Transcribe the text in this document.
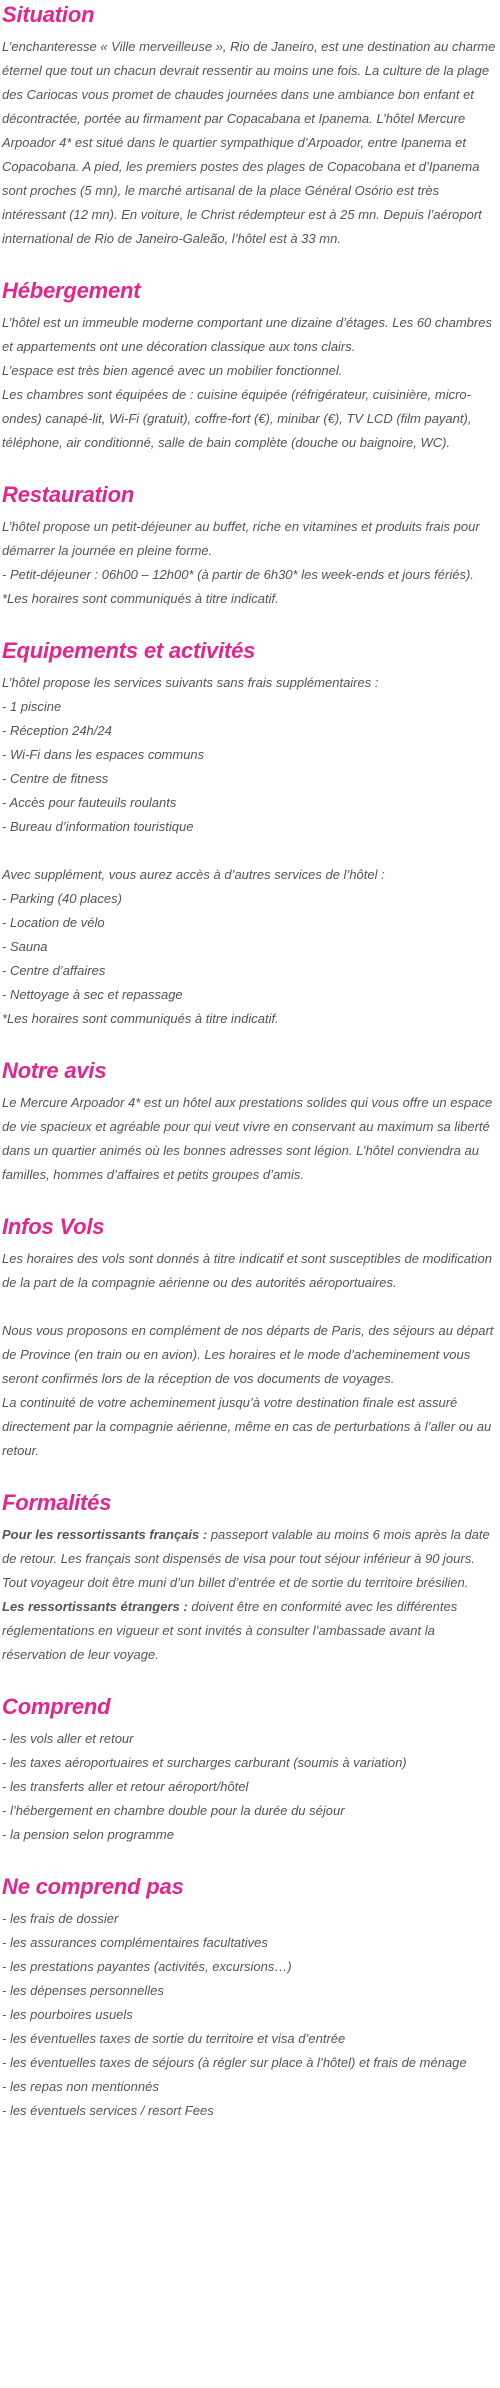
Situation

L’enchanteresse « Ville merveilleuse », Rio de Janeiro, est une destination au charme éternel que tout un chacun devrait ressentir au moins une fois. La culture de la plage des Cariocas vous promet de chaudes journées dans une ambiance bon enfant et décontractée, portée au firmament par Copacabana et Ipanema. L’hôtel Mercure Arpoador 4* est situé dans le quartier sympathique d’Arpoador, entre Ipanema et Copacobana. A pied, les premiers postes des plages de Copacobana et d’Ipanema sont proches (5 mn), le marché artisanal de la place Général Osório est très intéressant (12 mn). En voiture, le Christ rédempteur est à 25 mn. Depuis l’aéroport international de Rio de Janeiro-Galeão, l’hôtel est à 33 mn.

Hébergement

L’hôtel est un immeuble moderne comportant une dizaine d’étages. Les 60 chambres et appartements ont une décoration classique aux tons clairs.

L’espace est très bien agencé avec un mobilier fonctionnel.

Les chambres sont équipées de : cuisine équipée (réfrigérateur, cuisinière, micro-ondes) canapé-lit, Wi-Fi (gratuit), coffre-fort (€), minibar (€), TV LCD (film payant), téléphone, air conditionné, salle de bain complète (douche ou baignoire, WC).

Restauration

L’hôtel propose un petit-déjeuner au buffet, riche en vitamines et produits frais pour démarrer la journée en pleine forme.

- Petit-déjeuner : 06h00 – 12h00* (à partir de 6h30* les week-ends et jours fériés).

*Les horaires sont communiqués à titre indicatif.

Equipements et activités

L’hôtel propose les services suivants sans frais supplémentaires :

- 1 piscine

- Réception 24h/24

- Wi-Fi dans les espaces communs

- Centre de fitness

- Accès pour fauteuils roulants

- Bureau d’information touristique

Avec supplément, vous aurez accès à d’autres services de l’hôtel :

- Parking (40 places)

- Location de vélo

- Sauna

- Centre d’affaires

- Nettoyage à sec et repassage

*Les horaires sont communiqués à titre indicatif.

Notre avis

Le Mercure Arpoador 4* est un hôtel aux prestations solides qui vous offre un espace de vie spacieux et agréable pour qui veut vivre en conservant au maximum sa liberté dans un quartier animés où les bonnes adresses sont légion. L’hôtel conviendra au familles, hommes d’affaires et petits groupes d’amis.

Infos Vols

Les horaires des vols sont donnés à titre indicatif et sont susceptibles de modification de la part de la compagnie aérienne ou des autorités aéroportuaires.

Nous vous proposons en complément de nos départs de Paris, des séjours au départ de Province (en train ou en avion). Les horaires et le mode d’acheminement vous seront confirmés lors de la réception de vos documents de voyages.

La continuité de votre acheminement jusqu’à votre destination finale est assuré directement par la compagnie aérienne, même en cas de perturbations à l’aller ou au retour.

Formalités

Pour les ressortissants français : passeport valable au moins 6 mois après la date de retour. Les français sont dispensés de visa pour tout séjour inférieur à 90 jours. Tout voyageur doit être muni d’un billet d’entrée et de sortie du territoire brésilien.

Les ressortissants étrangers : doivent être en conformité avec les différentes réglementations en vigueur et sont invités à consulter l’ambassade avant la réservation de leur voyage.

Comprend

- les vols aller et retour

- les taxes aéroportuaires et surcharges carburant (soumis à variation)

- les transferts aller et retour aéroport/hôtel

- l’hébergement en chambre double pour la durée du séjour

- la pension selon programme

Ne comprend pas

- les frais de dossier

- les assurances complémentaires facultatives

- les prestations payantes (activités, excursions…)

- les dépenses personnelles

- les pourboires usuels

- les éventuelles taxes de sortie du territoire et visa d’entrée

- les éventuelles taxes de séjours (à régler sur place à l’hôtel) et frais de ménage

- les repas non mentionnés

- les éventuels services / resort Fees
